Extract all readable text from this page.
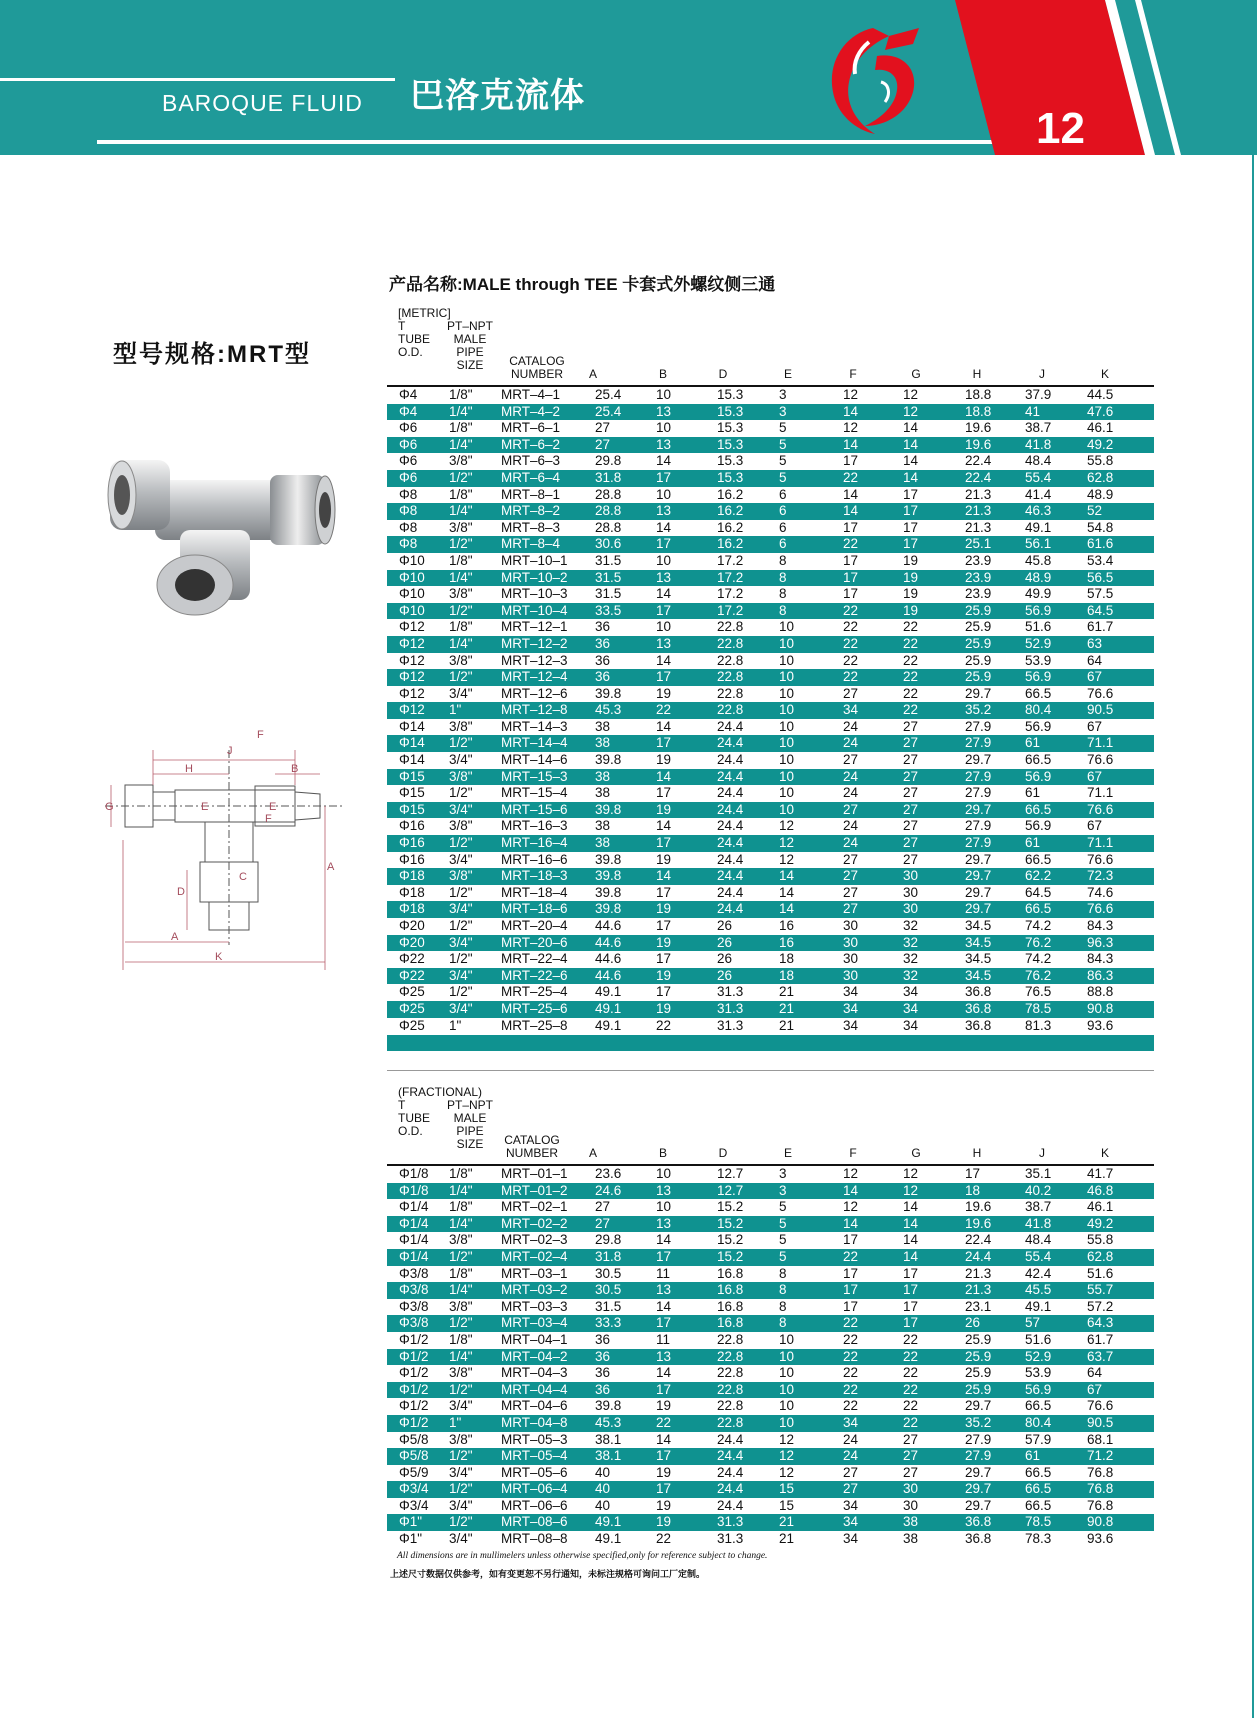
BAROQUE FLUID 巴洛克流体
12
型号规格:MRT型
J
F
H	B
G	E	E
F
A
D
C
A
K
产品名称:MALE through TEE 卡套式外螺纹侧三通
[METRIC]
T
TUBE
O.D.
PT–NPT
MALE
PIPE
SIZE	CATALOG
NUMBER	A	B	D	E	F	G	H	J	K
Φ4	1/8"	MRT–4–1	25.4	10	15.3	3	12	12	18.8	37.9	44.5
Φ4	1/4"	MRT–4–2	25.4	13	15.3	3	14	12	18.8	41	47.6
Φ6	1/8"	MRT–6–1	27	10	15.3	5	12	14	19.6	38.7	46.1
Φ6	1/4"	MRT–6–2	27	13	15.3	5	14	14	19.6	41.8	49.2
Φ6	3/8"	MRT–6–3	29.8	14	15.3	5	17	14	22.4	48.4	55.8
Φ6	1/2"	MRT–6–4	31.8	17	15.3	5	22	14	22.4	55.4	62.8
Φ8	1/8"	MRT–8–1	28.8	10	16.2	6	14	17	21.3	41.4	48.9
Φ8	1/4"	MRT–8–2	28.8	13	16.2	6	14	17	21.3	46.3	52
Φ8	3/8"	MRT–8–3	28.8	14	16.2	6	17	17	21.3	49.1	54.8
Φ8	1/2"	MRT–8–4	30.6	17	16.2	6	22	17	25.1	56.1	61.6
Φ10	1/8"	MRT–10–1	31.5	10	17.2	8	17	19	23.9	45.8	53.4
Φ10	1/4"	MRT–10–2	31.5	13	17.2	8	17	19	23.9	48.9	56.5
Φ10	3/8"	MRT–10–3	31.5	14	17.2	8	17	19	23.9	49.9	57.5
Φ10	1/2"	MRT–10–4	33.5	17	17.2	8	22	19	25.9	56.9	64.5
Φ12	1/8"	MRT–12–1	36	10	22.8	10	22	22	25.9	51.6	61.7
Φ12	1/4"	MRT–12–2	36	13	22.8	10	22	22	25.9	52.9	63
Φ12	3/8"	MRT–12–3	36	14	22.8	10	22	22	25.9	53.9	64
Φ12	1/2"	MRT–12–4	36	17	22.8	10	22	22	25.9	56.9	67
Φ12	3/4"	MRT–12–6	39.8	19	22.8	10	27	22	29.7	66.5	76.6
Φ12	1"	MRT–12–8	45.3	22	22.8	10	34	22	35.2	80.4	90.5
Φ14	3/8"	MRT–14–3	38	14	24.4	10	24	27	27.9	56.9	67
Φ14	1/2"	MRT–14–4	38	17	24.4	10	24	27	27.9	61	71.1
Φ14	3/4"	MRT–14–6	39.8	19	24.4	10	27	27	29.7	66.5	76.6
Φ15	3/8"	MRT–15–3	38	14	24.4	10	24	27	27.9	56.9	67
Φ15	1/2"	MRT–15–4	38	17	24.4	10	24	27	27.9	61	71.1
Φ15	3/4"	MRT–15–6	39.8	19	24.4	10	27	27	29.7	66.5	76.6
Φ16	3/8"	MRT–16–3	38	14	24.4	12	24	27	27.9	56.9	67
Φ16	1/2"	MRT–16–4	38	17	24.4	12	24	27	27.9	61	71.1
Φ16	3/4"	MRT–16–6	39.8	19	24.4	12	27	27	29.7	66.5	76.6
Φ18	3/8"	MRT–18–3	39.8	14	24.4	14	27	30	29.7	62.2	72.3
Φ18	1/2"	MRT–18–4	39.8	17	24.4	14	27	30	29.7	64.5	74.6
Φ18	3/4"	MRT–18–6	39.8	19	24.4	14	27	30	29.7	66.5	76.6
Φ20	1/2"	MRT–20–4	44.6	17	26	16	30	32	34.5	74.2	84.3
Φ20	3/4"	MRT–20–6	44.6	19	26	16	30	32	34.5	76.2	96.3
Φ22	1/2"	MRT–22–4	44.6	17	26	18	30	32	34.5	74.2	84.3
Φ22	3/4"	MRT–22–6	44.6	19	26	18	30	32	34.5	76.2	86.3
Φ25	1/2"	MRT–25–4	49.1	17	31.3	21	34	34	36.8	76.5	88.8
Φ25	3/4"	MRT–25–6	49.1	19	31.3	21	34	34	36.8	78.5	90.8
Φ25	1"	MRT–25–8	49.1	22	31.3	21	34	34	36.8	81.3	93.6
(FRACTIONAL)
T
TUBE
O.D.
PT–NPT
MALE
PIPE
SIZE	CATALOG
NUMBER	A	B	D	E	F	G	H	J	K
Φ1/8	1/8"	MRT–01–1	23.6	10	12.7	3	12	12	17	35.1	41.7
Φ1/8	1/4"	MRT–01–2	24.6	13	12.7	3	14	12	18	40.2	46.8
Φ1/4	1/8"	MRT–02–1	27	10	15.2	5	12	14	19.6	38.7	46.1
Φ1/4	1/4"	MRT–02–2	27	13	15.2	5	14	14	19.6	41.8	49.2
Φ1/4	3/8"	MRT–02–3	29.8	14	15.2	5	17	14	22.4	48.4	55.8
Φ1/4	1/2"	MRT–02–4	31.8	17	15.2	5	22	14	24.4	55.4	62.8
Φ3/8	1/8"	MRT–03–1	30.5	11	16.8	8	17	17	21.3	42.4	51.6
Φ3/8	1/4"	MRT–03–2	30.5	13	16.8	8	17	17	21.3	45.5	55.7
Φ3/8	3/8"	MRT–03–3	31.5	14	16.8	8	17	17	23.1	49.1	57.2
Φ3/8	1/2"	MRT–03–4	33.3	17	16.8	8	22	17	26	57	64.3
Φ1/2	1/8"	MRT–04–1	36	11	22.8	10	22	22	25.9	51.6	61.7
Φ1/2	1/4"	MRT–04–2	36	13	22.8	10	22	22	25.9	52.9	63.7
Φ1/2	3/8"	MRT–04–3	36	14	22.8	10	22	22	25.9	53.9	64
Φ1/2	1/2"	MRT–04–4	36	17	22.8	10	22	22	25.9	56.9	67
Φ1/2	3/4"	MRT–04–6	39.8	19	22.8	10	22	22	29.7	66.5	76.6
Φ1/2	1"	MRT–04–8	45.3	22	22.8	10	34	22	35.2	80.4	90.5
Φ5/8	3/8"	MRT–05–3	38.1	14	24.4	12	24	27	27.9	57.9	68.1
Φ5/8	1/2"	MRT–05–4	38.1	17	24.4	12	24	27	27.9	61	71.2
Φ5/9	3/4"	MRT–05–6	40	19	24.4	12	27	27	29.7	66.5	76.8
Φ3/4	1/2"	MRT–06–4	40	17	24.4	15	27	30	29.7	66.5	76.8
Φ3/4	3/4"	MRT–06–6	40	19	24.4	15	34	30	29.7	66.5	76.8
Φ1"	1/2"	MRT–08–6	49.1	19	31.3	21	34	38	36.8	78.5	90.8
Φ1"	3/4"	MRT–08–8	49.1	22	31.3	21	34	38	36.8	78.3	93.6
All dimensions are in mullimelers unless otherwise specified,only for reference subject to change.
上述尺寸数据仅供参考，如有变更恕不另行通知，未标注规格可询问工厂定制。
